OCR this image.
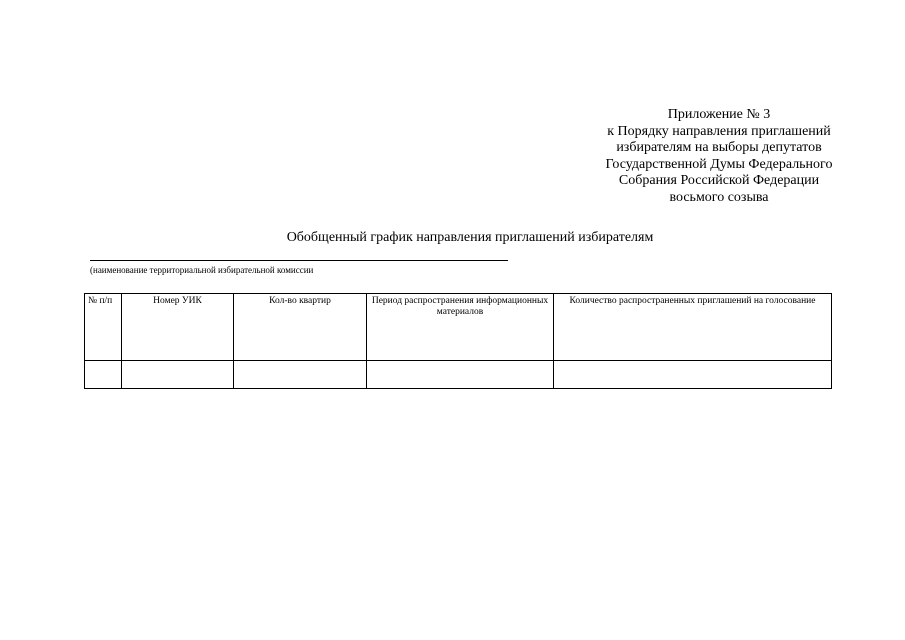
Приложение № 3
к Порядку направления приглашений
избирателям на выборы депутатов
Государственной Думы Федерального
Собрания Российской Федерации
восьмого созыва
Обобщенный график направления приглашений избирателям
(наименование территориальной избирательной комиссии
№ п/п	Номер УИК	Кол-во квартир	Период распространения информационных материалов	Количество распространенных приглашений на голосование
